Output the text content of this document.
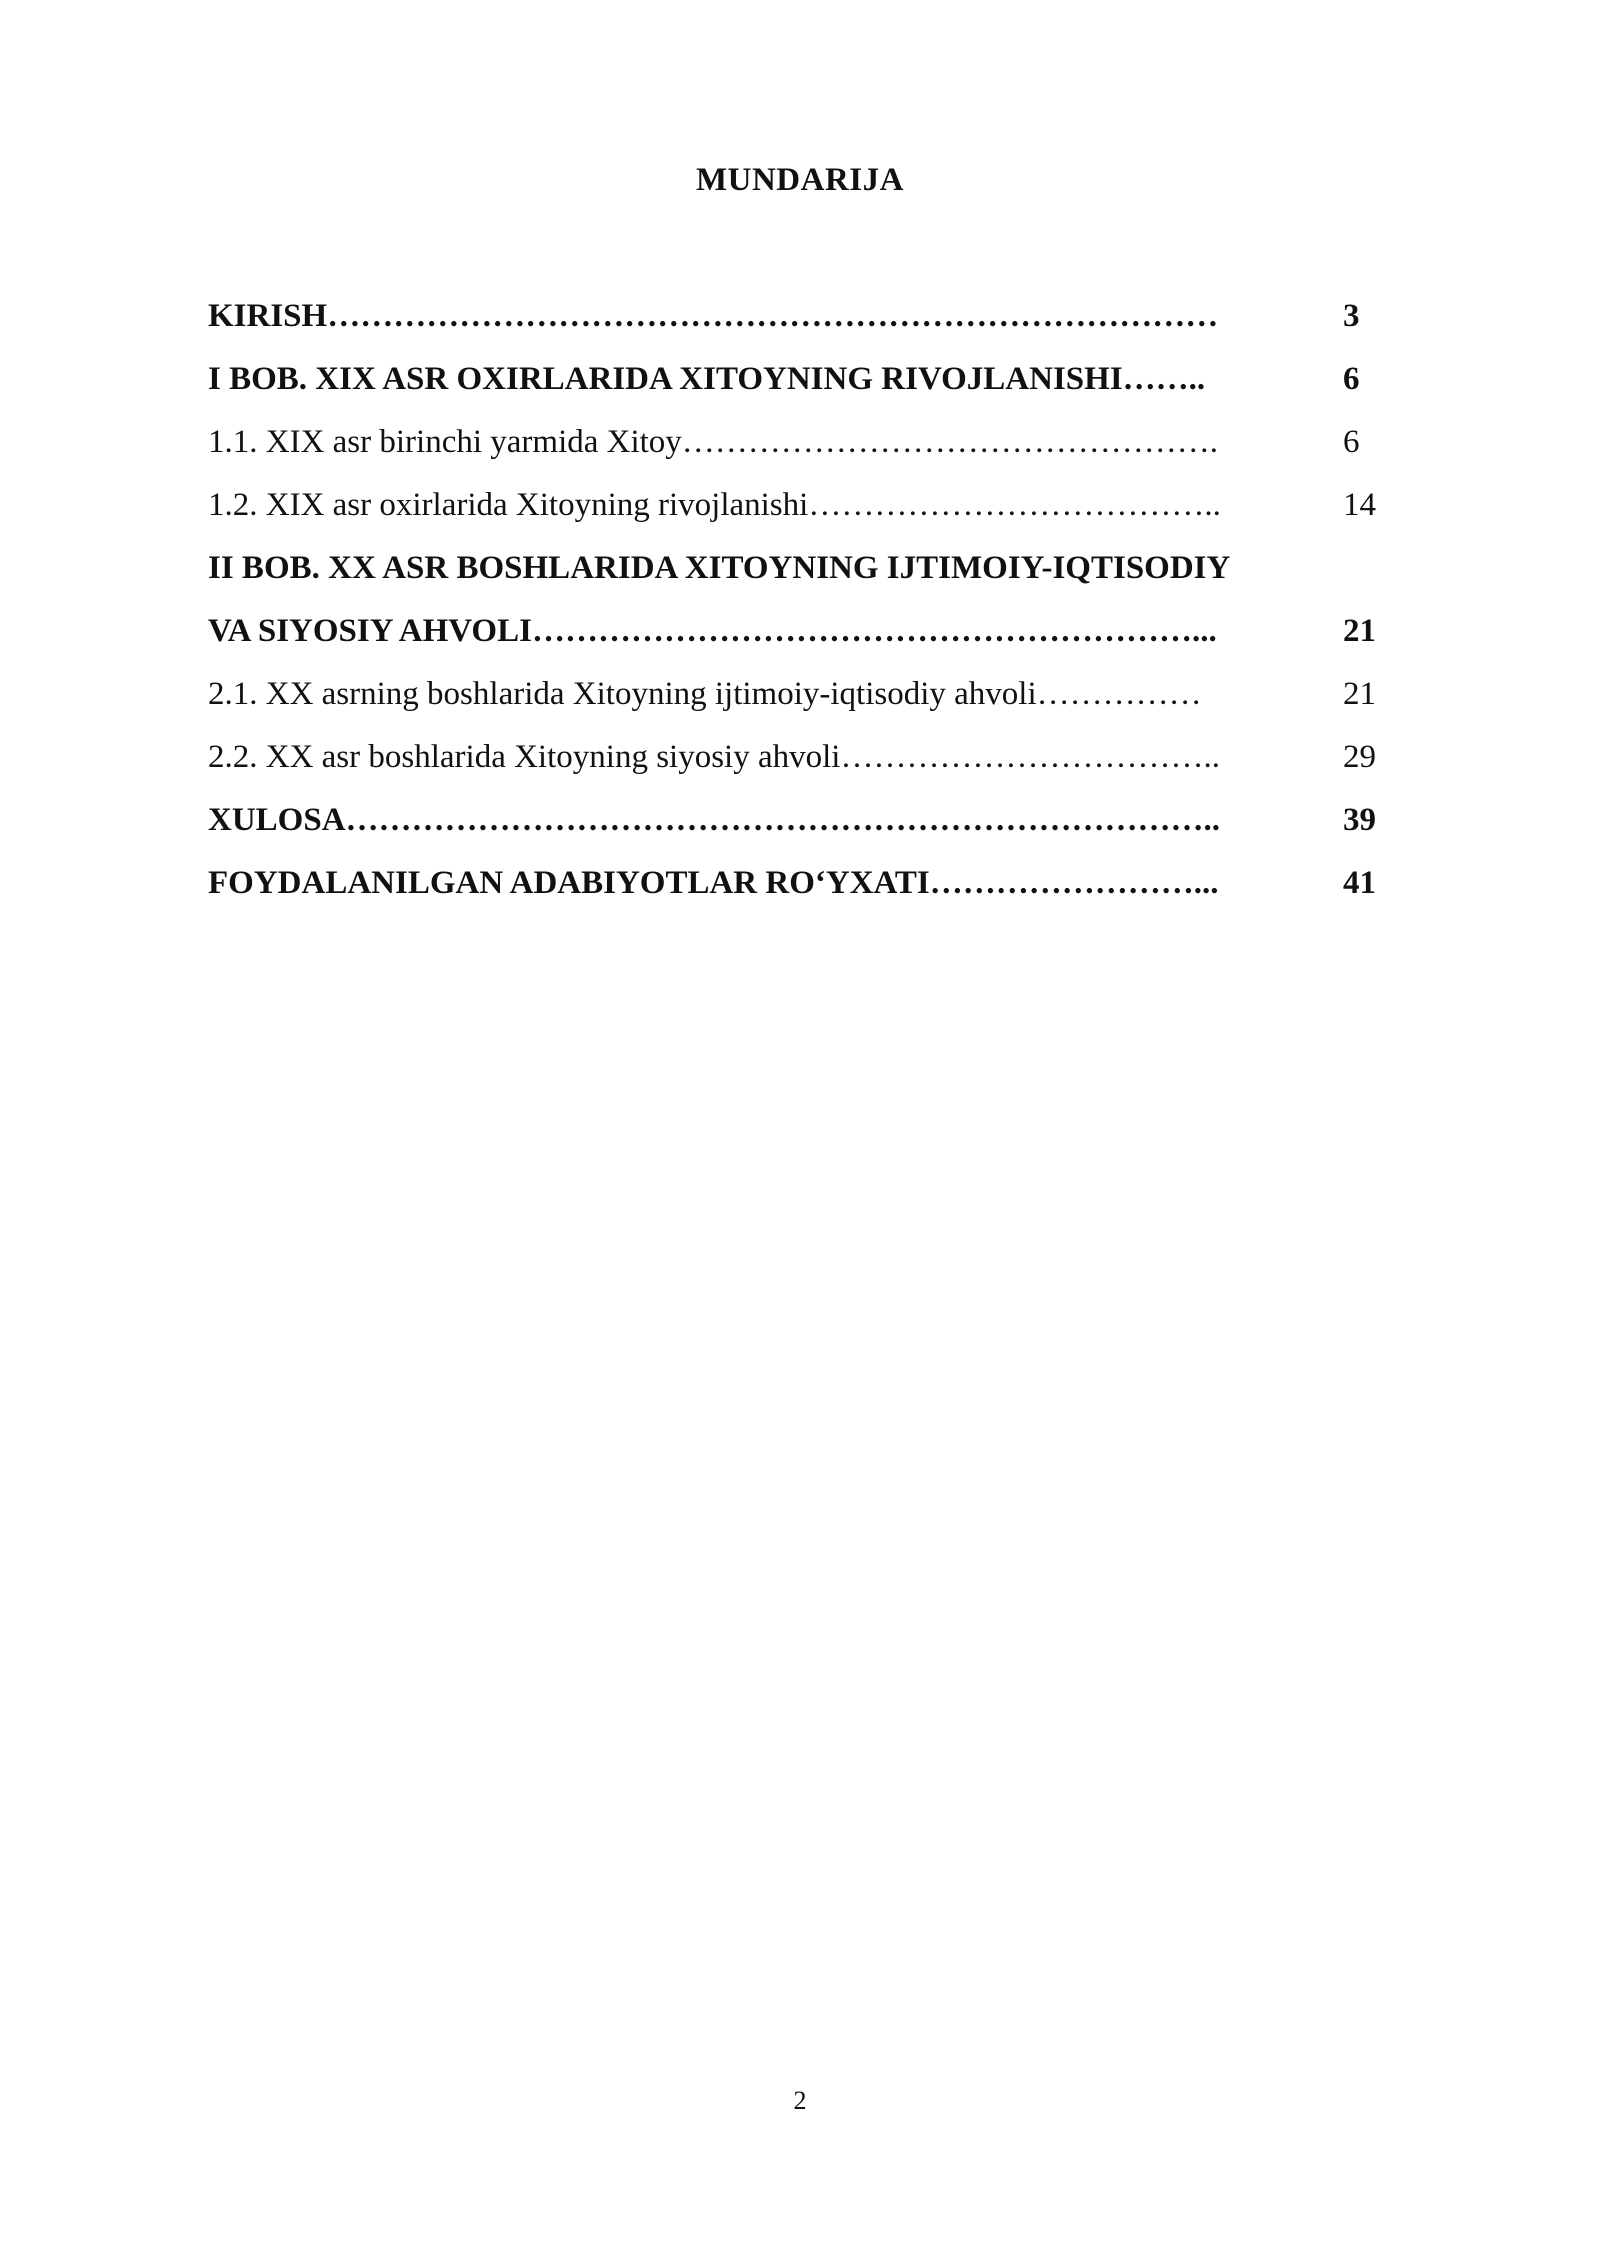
MUNDARIJA
KIRISH………………………………………………………………………	3
I BOB. XIX ASR OXIRLARIDA XITOYNING RIVOJLANISHI……..	6
1.1. XIX asr birinchi yarmida Xitoy………………………………………….	6
1.2. XIX asr oxirlarida Xitoyning rivojlanishi………………………………..	14
II BOB. XX ASR BOSHLARIDA XITOYNING IJTIMOIY-IQTISODIY
VA SIYOSIY AHVOLI……………………………………………………...	21
2.1. XX asrning boshlarida Xitoyning ijtimoiy-iqtisodiy ahvoli……………	21
2.2. XX asr boshlarida Xitoyning siyosiy ahvoli……………………………..	29
XULOSA……………………………………………………………………..	39
FOYDALANILGAN ADABIYOTLAR RO‘YXATI……………………...	41
2
